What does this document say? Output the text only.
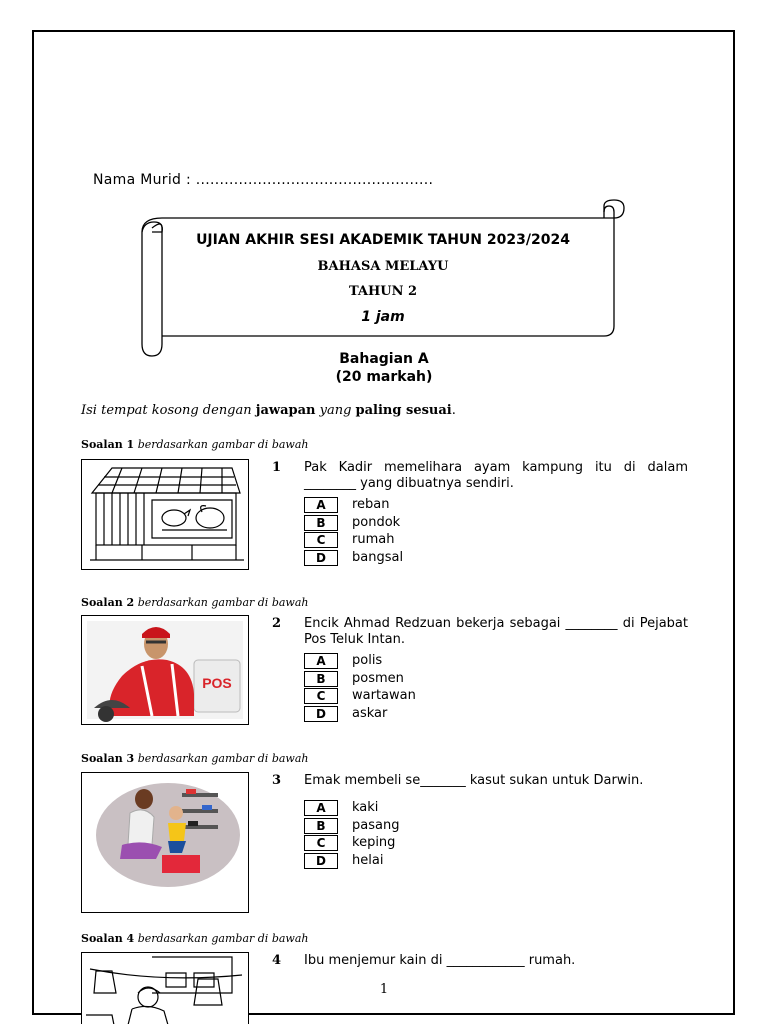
Nama Murid : ..................................................
UJIAN AKHIR SESI AKADEMIK TAHUN 2023/2024
BAHASA MELAYU
TAHUN 2
1 jam
Bahagian A
(20 markah)
Isi tempat kosong dengan jawapan yang paling sesuai.
Soalan 1 berdasarkan gambar di bawah
1 Pak Kadir memelihara ayam kampung itu di dalam ________ yang dibuatnya sendiri.
A	reban
B	pondok
C	rumah
D	bangsal
Soalan 2 berdasarkan gambar di bawah
POS
2 Encik Ahmad Redzuan bekerja sebagai ________ di Pejabat Pos Teluk Intan.
A	polis
B	posmen
C	wartawan
D	askar
Soalan 3 berdasarkan gambar di bawah
3 Emak membeli se_______ kasut sukan untuk Darwin.
A	kaki
B	pasang
C	keping
D	helai
Soalan 4 berdasarkan gambar di bawah
4 Ibu menjemur kain di ____________ rumah.
1
